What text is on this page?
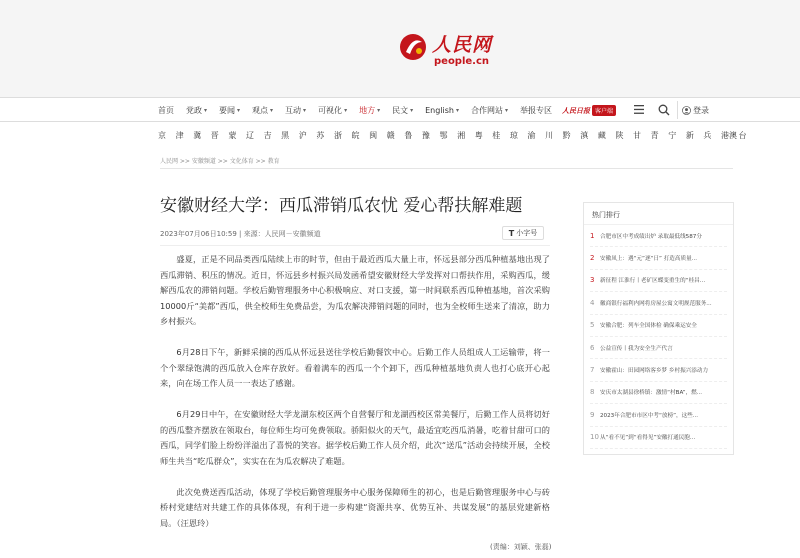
人民网
people.cn
首页 党政 ▾ 要闻 ▾ 观点 ▾ 互动 ▾ 可视化 ▾ 地方 ▾ 民文 ▾ English ▾ 合作网站 ▾ 举报专区 人民日报 客户端	登录
京	津	冀	晋	蒙	辽	吉	黑	沪	苏	浙	皖	闽	赣	鲁	豫	鄂	湘	粤	桂	琼	渝	川	黔	滇	藏	陕	甘	青	宁	新	兵	港澳 台
人民网 >> 安徽频道 >> 文化体育 >> 教育
安徽财经大学：西瓜滞销瓜农忧 爱心帮扶解难题
2023年07月06日10:59 | 来源：人民网－安徽频道	T 小字号

盛夏，正是不同品类西瓜陆续上市的时节，但由于最近西瓜大量上市，怀远县部分西瓜种植基地出现了西瓜滞销、积压的情况。近日，怀远县乡村振兴局发函希望安徽财经大学发挥对口帮扶作用，采购西瓜，缓解西瓜农的滞销问题。学校后勤管理服务中心积极响应、对口支援，第一时间联系西瓜种植基地，首次采购10000斤“美都”西瓜，供全校师生免费品尝，为瓜农解决滞销问题的同时，也为全校师生送来了清凉，助力乡村振兴。

6月28日下午，新鲜采摘的西瓜从怀远县送往学校后勤餐饮中心。后勤工作人员组成人工运输带，将一个个翠绿饱满的西瓜放入仓库存放好。看着满车的西瓜一个个卸下，西瓜种植基地负责人也打心底开心起来，向在场工作人员一一表达了感谢。

6月29日中午，在安徽财经大学龙湖东校区两个自营餐厅和龙湖西校区常美餐厅，后勤工作人员将切好的西瓜整齐摆放在领取台，每位师生均可免费领取。骄阳似火的天气，最适宜吃西瓜消暑，吃着甘甜可口的西瓜，同学们脸上纷纷洋溢出了喜悦的笑容。据学校后勤工作人员介绍，此次“送瓜”活动会持续开展，全校师生共当“吃瓜群众”，实实在在为瓜农解决了难题。

此次免费送西瓜活动，体现了学校后勤管理服务中心服务保障师生的初心，也是后勤管理服务中心与砖桥村党建结对共建工作的具体体现，有利于进一步构建“资源共享、优势互补、共谋发展”的基层党建新格局。（汪恩玲）

(责编：刘颖、张磊)
热门排行
1 合肥市区中考成绩出炉 录取最低线587分
2 安徽凤上：遇“元”逐“日” 打造高质量...
3 新征程 江淮行丨老矿区蝶变重生的“桂昌...
4 徽商银行福利内网将房屋公寓文明规范服务...
5 安徽合肥：列车全国体检 确保乘运安全
6 公益宣传丨我为安全生产代言
7 安徽霍山：田园网络客乡梦 乡村振兴添动力
8 安庆市太湖县徐桥镇：激情“村BA”，燃...
9 2023年合肥市市区中考“放榜”，这些...
10 从“看不见”到“看得见”安徽打通民胞...
